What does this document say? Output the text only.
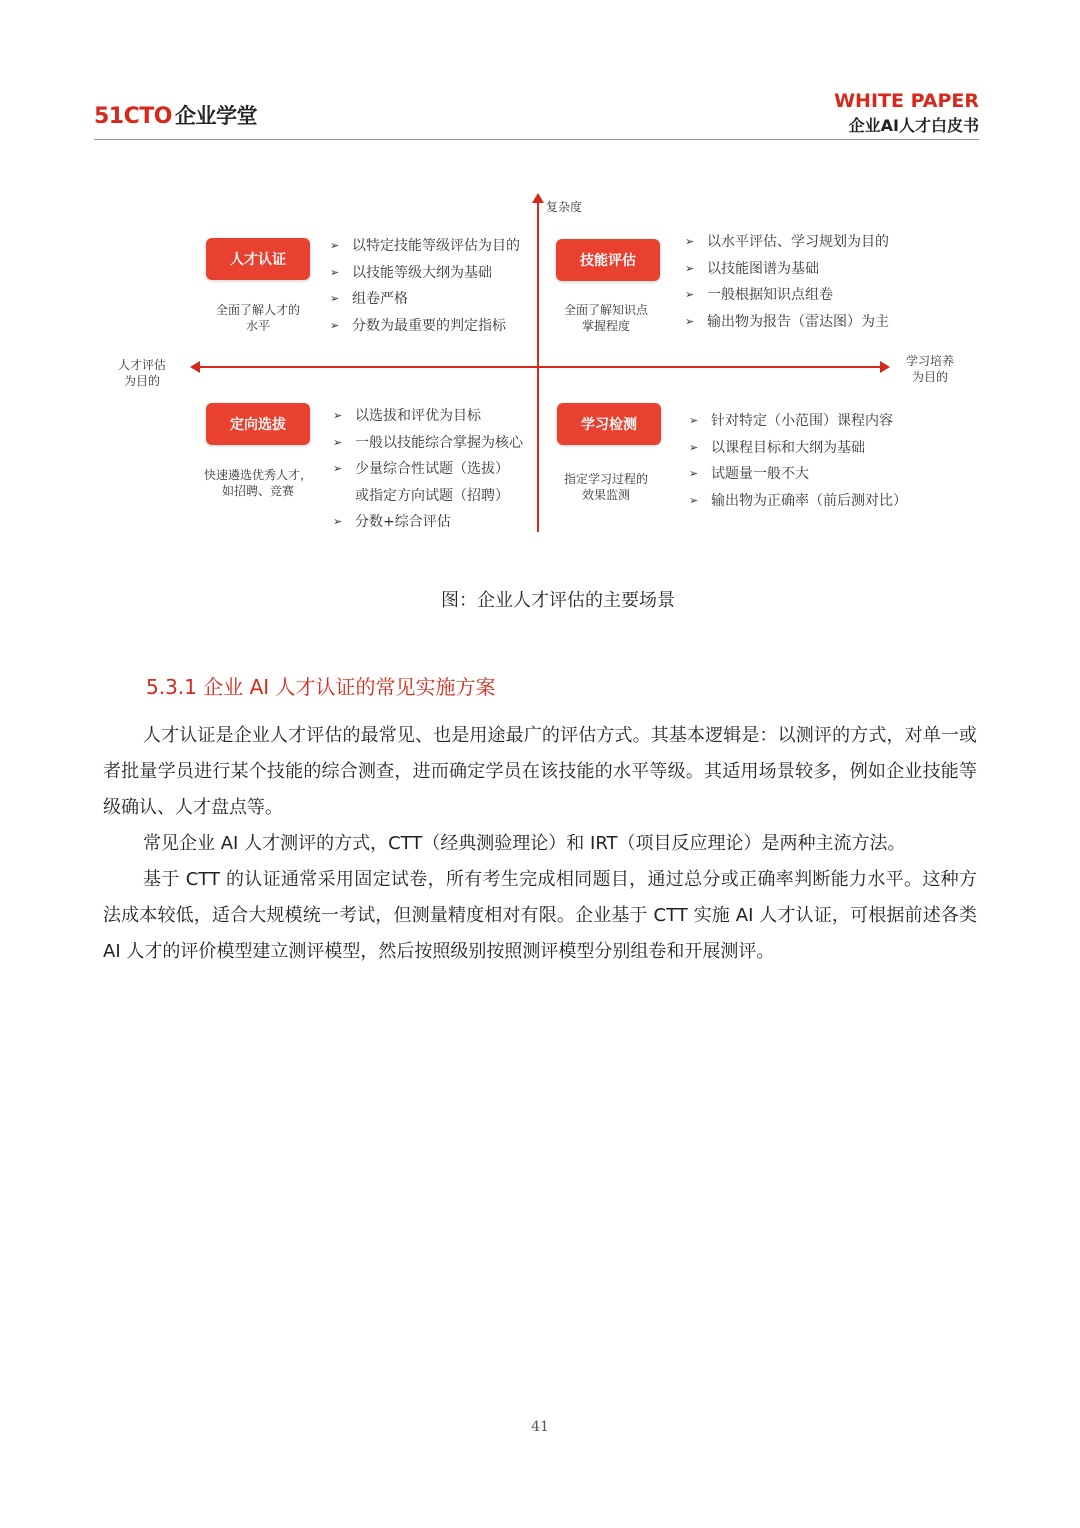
51CTO 企业学堂
WHITE PAPER
企业AI人才白皮书
复杂度
人才评估
为目的
学习培养
为目的
人才认证
全面了解人才的
水平
➢ 以特定技能等级评估为目的
➢ 以技能等级大纲为基础
➢ 组卷严格
➢ 分数为最重要的判定指标
技能评估
全面了解知识点
掌握程度
➢ 以水平评估、学习规划为目的
➢ 以技能图谱为基础
➢ 一般根据知识点组卷
➢ 输出物为报告（雷达图）为主
定向选拔
快速遴选优秀人才，
如招聘、竞赛
➢ 以选拔和评优为目标
➢ 一般以技能综合掌握为核心
➢ 少量综合性试题（选拔）
或指定方向试题（招聘）
➢ 分数+综合评估
学习检测
指定学习过程的
效果监测
➢ 针对特定（小范围）课程内容
➢ 以课程目标和大纲为基础
➢ 试题量一般不大
➢ 输出物为正确率（前后测对比）
图：企业人才评估的主要场景
5.3.1 企业 AI 人才认证的常见实施方案
人才认证是企业人才评估的最常见、也是用途最广的评估方式。其基本逻辑是：以测评的方式，对单一或者批量学员进行某个技能的综合测查，进而确定学员在该技能的水平等级。其适用场景较多，例如企业技能等级确认、人才盘点等。
常见企业 AI 人才测评的方式，CTT（经典测验理论）和 IRT（项目反应理论）是两种主流方法。
基于 CTT 的认证通常采用固定试卷，所有考生完成相同题目，通过总分或正确率判断能力水平。这种方法成本较低，适合大规模统一考试，但测量精度相对有限。企业基于 CTT 实施 AI 人才认证，可根据前述各类 AI 人才的评价模型建立测评模型，然后按照级别按照测评模型分别组卷和开展测评。
41
